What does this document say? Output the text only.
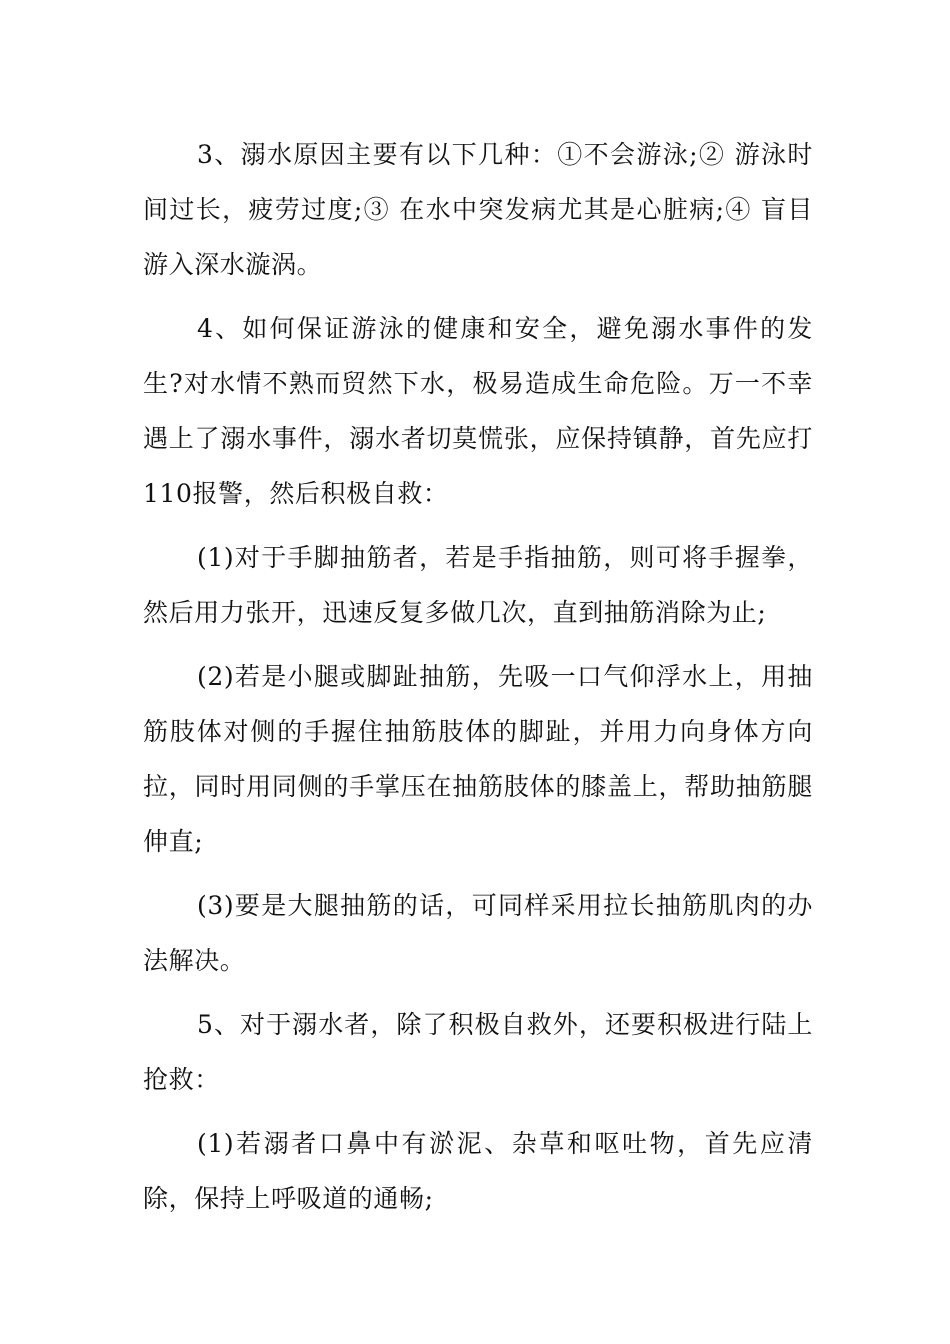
3、溺水原因主要有以下几种：①不会游泳;② 游泳时间过长，疲劳过度;③ 在水中突发病尤其是心脏病;④ 盲目游入深水漩涡。

4、如何保证游泳的健康和安全，避免溺水事件的发生?对水情不熟而贸然下水，极易造成生命危险。万一不幸遇上了溺水事件，溺水者切莫慌张，应保持镇静，首先应打110报警，然后积极自救：

(1)对于手脚抽筋者，若是手指抽筋，则可将手握拳，然后用力张开，迅速反复多做几次，直到抽筋消除为止;

(2)若是小腿或脚趾抽筋，先吸一口气仰浮水上，用抽筋肢体对侧的手握住抽筋肢体的脚趾，并用力向身体方向拉，同时用同侧的手掌压在抽筋肢体的膝盖上，帮助抽筋腿伸直;

(3)要是大腿抽筋的话，可同样采用拉长抽筋肌肉的办法解决。

5、对于溺水者，除了积极自救外，还要积极进行陆上抢救：

(1)若溺者口鼻中有淤泥、杂草和呕吐物，首先应清除，保持上呼吸道的通畅;
